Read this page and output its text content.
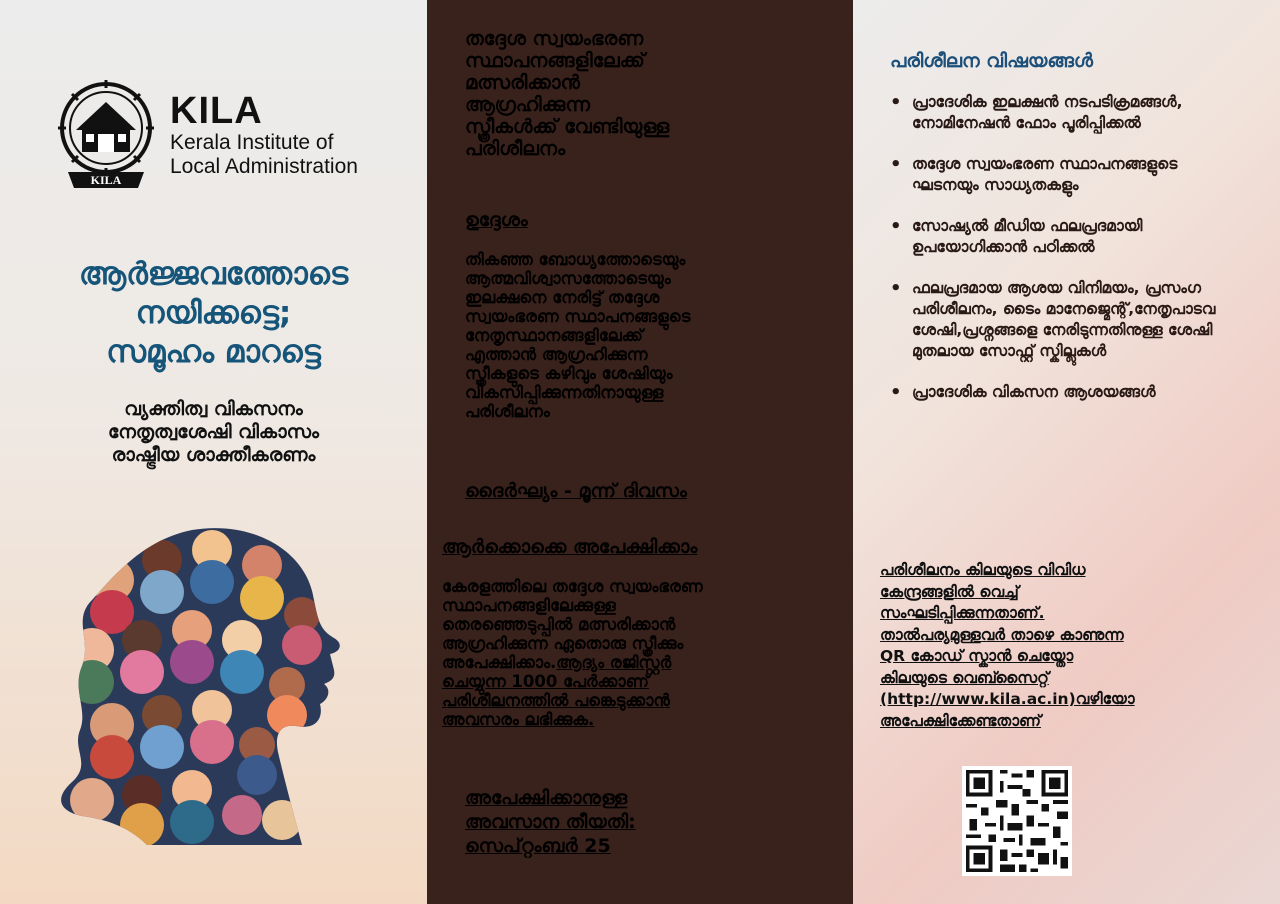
KILA
KILA
Kerala Institute of
Local Administration
ആർജ്ജവത്തോടെ
നയിക്കട്ടെ;
സമൂഹം മാറട്ടെ
വ്യക്തിത്വ വികസനം
നേതൃത്വശേഷി വികാസം
രാഷ്ട്രീയ ശാക്തീകരണം
തദ്ദേശ സ്വയംഭരണ
സ്ഥാപനങ്ങളിലേക്ക്
മത്സരിക്കാൻ
ആഗ്രഹിക്കുന്ന
സ്ത്രീകൾക്ക് വേണ്ടിയുള്ള
പരിശീലനം
ഉദ്ദേശം
തികഞ്ഞ ബോധ്യത്തോടെയും
ആത്മവിശ്വാസത്തോടെയും
ഇലക്ഷനെ നേരിട്ട് തദ്ദേശ
സ്വയംഭരണ സ്ഥാപനങ്ങളുടെ
നേതൃസ്ഥാനങ്ങളിലേക്ക്
എത്താൻ ആഗ്രഹിക്കുന്ന
സ്ത്രീകളുടെ കഴിവും ശേഷിയും
വികസിപ്പിക്കുന്നതിനായുള്ള
പരിശീലനം
ദൈർഘ്യം - മൂന്ന് ദിവസം
ആർക്കൊക്കെ അപേക്ഷിക്കാം
കേരളത്തിലെ തദ്ദേശ സ്വയംഭരണ
സ്ഥാപനങ്ങളിലേക്കുള്ള
തെരഞ്ഞെടുപ്പിൽ മത്സരിക്കാൻ
ആഗ്രഹിക്കുന്ന ഏതൊരു സ്ത്രീക്കും
അപേക്ഷിക്കാം.ആദ്യം രജിസ്റ്റർ
ചെയ്യുന്ന 1000 പേർക്കാണ്
പരിശീലനത്തിൽ പങ്കെടുക്കാൻ
അവസരം ലഭിക്കുക.
അപേക്ഷിക്കാനുള്ള
അവസാന തീയതി:
സെപ്റ്റംബർ 25
പരിശീലന വിഷയങ്ങൾ
• പ്രാദേശിക ഇലക്ഷൻ നടപടിക്രമങ്ങൾ, നോമിനേഷൻ ഫോം പൂരിപ്പിക്കൽ
• തദ്ദേശ സ്വയംഭരണ സ്ഥാപനങ്ങളുടെ ഘടനയും സാധ്യതകളും
• സോഷ്യൽ മീഡിയ ഫലപ്രദമായി ഉപയോഗിക്കാൻ പഠിക്കൽ
• ഫലപ്രദമായ ആശയ വിനിമയം, പ്രസംഗ പരിശീലനം, ടൈം മാനേജ്മെന്റ്,നേതൃപാടവ ശേഷി,പ്രശ്നങ്ങളെ നേരിടുന്നതിനുള്ള ശേഷി മുതലായ സോഫ്റ്റ് സ്കില്ലുകൾ
• പ്രാദേശിക വികസന ആശയങ്ങൾ
പരിശീലനം കിലയുടെ വിവിധ
കേന്ദ്രങ്ങളിൽ വെച്ച്
സംഘടിപ്പിക്കുന്നതാണ്.
താൽപര്യമുള്ളവർ താഴെ കാണുന്ന
QR കോഡ് സ്കാൻ ചെയ്തോ
കിലയുടെ വെബ്സൈറ്റ്
(http://www.kila.ac.in)വഴിയോ
അപേക്ഷിക്കേണ്ടതാണ്
